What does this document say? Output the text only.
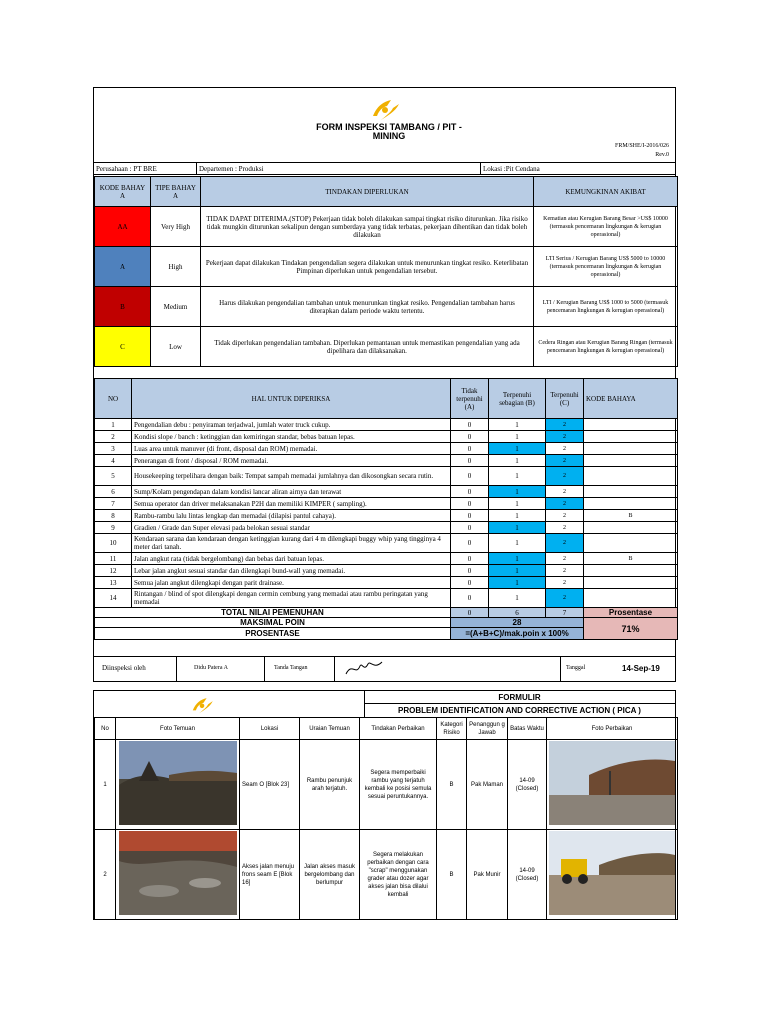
FORM INSPEKSI TAMBANG / PIT -
MINING
FRM/SHE/I-2016/026
Rev.0
Perusahaan : PT BRE	Departemen : Produksi	Lokasi :Pit Cendana
KODE BAHAY A	TIPE BAHAY A	TINDAKAN DIPERLUKAN	KEMUNGKINAN AKIBAT
AA	Very High	TIDAK DAPAT DITERIMA.(STOP) Pekerjaan tidak boleh dilakukan sampai tingkat risiko diturunkan. Jika risiko tidak mungkin diturunkan sekalipun dengan sumberdaya yang tidak terbatas, pekerjaan dihentikan dan tidak boleh dilakukan	Kematian atau Kerugian Barang Besar >US$ 10000 (termasuk pencemaran lingkungan & kerugian operasional)
A	High	Pekerjaan dapat dilakukan Tindakan pengendalian segera dilakukan untuk menurunkan tingkat resiko. Keterlibatan Pimpinan diperlukan untuk pengendalian tersebut.	LTI Serius / Kerugian Barang US$ 5000 to 10000 (termasuk pencemaran lingkungan & kerugian operasional)
B	Medium	Harus dilakukan pengendalian tambahan untuk menurunkan tingkat resiko. Pengendalian tambahan harus diterapkan dalam periode waktu tertentu.	LTI / Kerugian Barang US$ 1000 to 5000 (termasuk pencemaran lingkungan & kerugian operasional)
C	Low	Tidak diperlukan pengendalian tambahan. Diperlukan pemantauan untuk memastikan pengendalian yang ada dipelihara dan dilaksanakan.	Cedera Ringan atau Kerugian Barang Ringan (termasuk pencemaran lingkungan & kerugian operasional)
NO	HAL UNTUK DIPERIKSA	Tidak terpenuhi (A)	Terpenuhi sebagian (B)	Terpenuhi (C)	KODE BAHAYA
1	Pengendalian debu : penyiraman terjadwal, jumlah water truck cukup.	0	1	2	
2	Kondisi slope / banch : ketinggian dan kemiringan standar, bebas batuan lepas.	0	1	2	
3	Luas area untuk manuver (di front, disposal dan ROM) memadai.	0	1	2	
4	Penerangan di front / disposal / ROM memadai.	0	1	2	
5	Housekeeping terpelihara dengan baik: Tempat sampah memadai jumlahnya dan dikosongkan secara rutin.	0	1	2	
6	Sump/Kolam pengendapan dalam kondisi lancar aliran airnya dan terawat	0	1	2	
7	Semua operator dan driver melaksanakan P2H dan memiliki KIMPER ( sampling).	0	1	2	
8	Rambu-rambu lalu lintas lengkap dan memadai (dilapisi pantul cahaya).	0	1	2	B
9	Gradien / Grade dan Super elevasi pada belokan sesuai standar	0	1	2	
10	Kendaraan sarana dan kendaraan dengan ketinggian kurang dari 4 m dilengkapi buggy whip yang tingginya 4 meter dari tanah.	0	1	2	
11	Jalan angkut rata (tidak bergelombang) dan bebas dari batuan lepas.	0	1	2	B
12	Lebar jalan angkut sesuai standar dan dilengkapi bund-wall yang memadai.	0	1	2	
13	Semua jalan angkut dilengkapi dengan parit drainase.	0	1	2	
14	Rintangan / blind of spot dilengkapi dengan cermin cembung yang memadai atau rambu peringatan yang memadai	0	1	2	
TOTAL NILAI PEMENUHAN		0	6	7	Prosentase
MAKSIMAL POIN		28			71%
PROSENTASE		=(A+B+C)/mak.poin x 100%			
Diinspeksi oleh	Didu Patera A	Tanda Tangan	Tanggal	14-Sep-19
FORMULIR
PROBLEM IDENTIFICATION AND CORRECTIVE ACTION ( PICA )
No	Foto Temuan	Lokasi	Uraian Temuan	Tindakan Perbaikan	Kategori Risiko	Penanggun g Jawab	Batas Waktu	Foto Perbaikan
1		Seam O [Blok 23]	Rambu penunjuk arah terjatuh.	Segera memperbaiki rambu yang terjatuh kembali ke posisi semula sesuai peruntukannya.	B	Pak Maman	14-09 (Closed)	
2		Akses jalan menuju frons seam E [Blok 16]	Jalan akses masuk bergelombang dan berlumpur	Segera melakukan perbaikan dengan cara "scrap" menggunakan grader atau dozer agar akses jalan bisa dilalui kembali	B	Pak Munir	14-09 (Closed)	
